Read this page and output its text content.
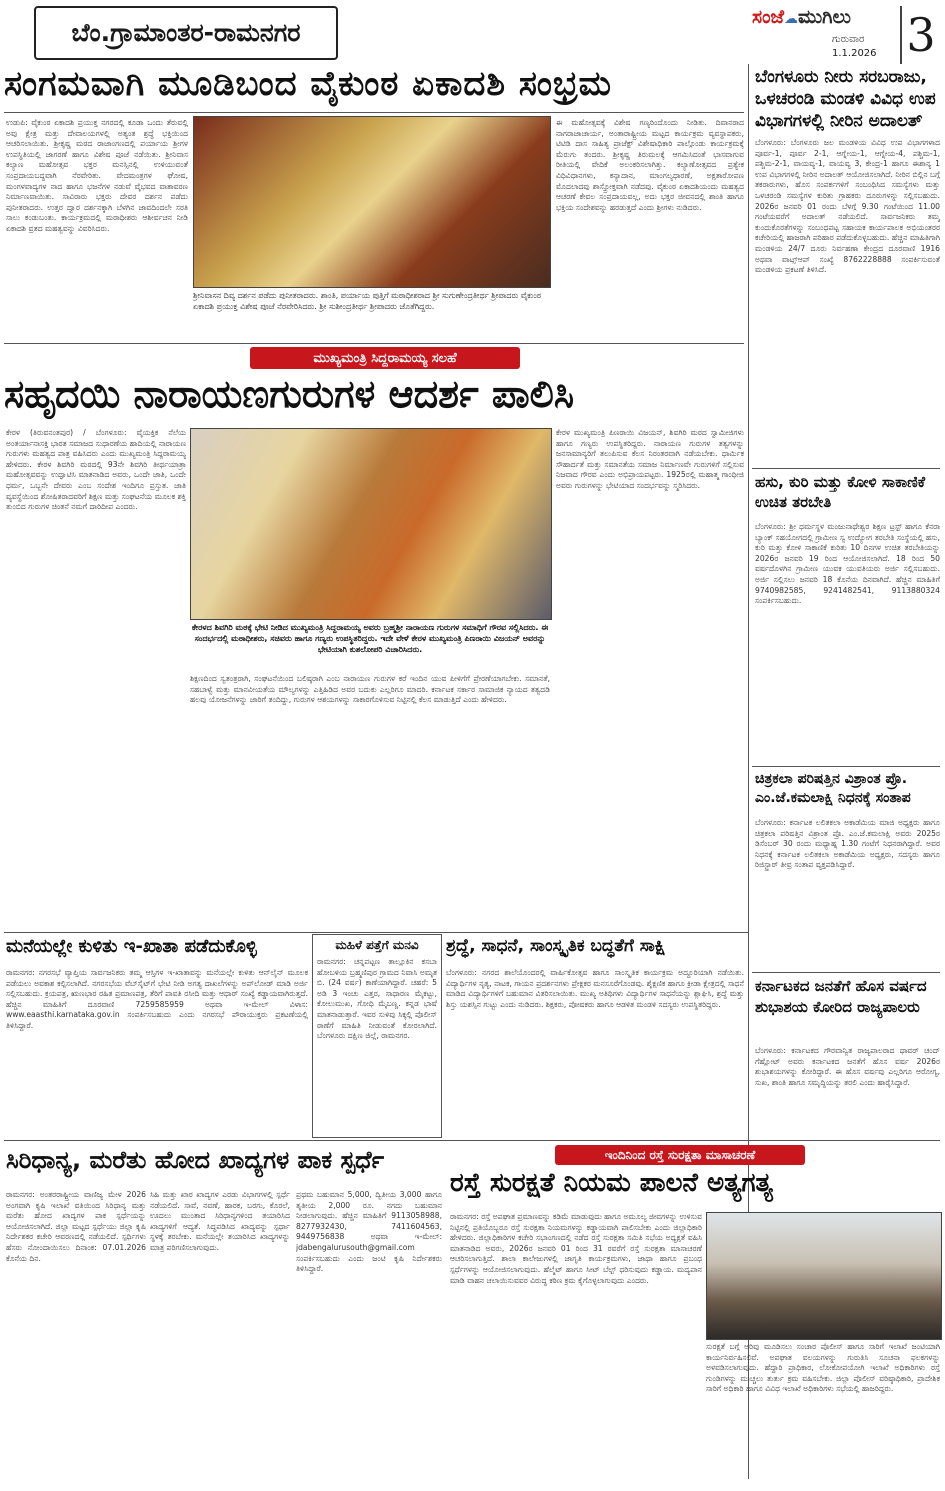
ಬೆಂ.ಗ್ರಾಮಾಂತರ-ರಾಮನಗರ
ಸಂಜೆ☁ಮುಗಿಲು
ಗುರುವಾರ
1.1.2026 3
ಸಂಗಮವಾಗಿ ಮೂಡಿಬಂದ ವೈಕುಂಠ ಏಕಾದಶಿ ಸಂಭ್ರಮ
ಉಡುಪಿ: ವೈಕುಂಠ ಏಕಾದಶಿ ಪ್ರಯುಕ್ತ ನಗರದಲ್ಲಿ ಕೂಡಾ ಒಂದು ತೆರುವಲ್ಲಿ ಅವು ಕ್ಷೇತ್ರ ಮತ್ತು ದೇವಾಲಯಗಳಲ್ಲಿ ಅತ್ಯಂತ ಶ್ರದ್ಧೆ ಭಕ್ತಿಯಿಂದ ಆಚರಿಸಲಾಯಿತು. ಶ್ರೀಕೃಷ್ಣ ಮಠದ ರಾಜಾಂಗಣದಲ್ಲಿ ಪರ್ಯಾಯ ಶ್ರೀಗಳ ಉಪಸ್ಥಿತಿಯಲ್ಲಿ ಜಾಗರಣೆ ಹಾಗೂ ವಿಶೇಷ ಪೂಜೆ ನಡೆಯಿತು. ಶ್ರೀನಿವಾಸ ಕಲ್ಯಾಣ ಮಹೋತ್ಸವ ಭಕ್ತರ ಮನಸ್ಸಿನಲ್ಲಿ ಉಳಿಯುವಂತೆ ಸಂಪ್ರದಾಯಬದ್ಧವಾಗಿ ನೆರವೇರಿತು. ವೇದಮಂತ್ರಗಳ ಘೋಷ, ಮಂಗಳವಾದ್ಯಗಳ ನಾದ ಹಾಗೂ ಭಜನೆಗಳ ನಡುವೆ ವೈಭವದ ವಾತಾವರಣ ನಿರ್ಮಾಣವಾಯಿತು. ಸಾವಿರಾರು ಭಕ್ತರು ದೇವರ ದರ್ಶನ ಪಡೆದು ಪುನೀತರಾದರು. ಉತ್ತರ ದ್ವಾರ ದರ್ಶನಕ್ಕಾಗಿ ಬೆಳಗಿನ ಜಾವದಿಂದಲೇ ಸರತಿ ಸಾಲು ಕಂಡುಬಂತು. ಕಾರ್ಯಕ್ರಮದಲ್ಲಿ ಮಠಾಧೀಶರು ಆಶೀರ್ವಚನ ನೀಡಿ ಏಕಾದಶಿ ವ್ರತದ ಮಹತ್ವವನ್ನು ವಿವರಿಸಿದರು.
ಶ್ರೀನಿವಾಸನ ದಿವ್ಯ ದರ್ಶನ ಪಡೆದು ಪುನೀತರಾದರು. ಶಾಂತಿ, ಪರ್ಯಾಯ ಪುತ್ತಿಗೆ ಮಠಾಧೀಶರಾದ ಶ್ರೀ ಸುಗುಣೇಂದ್ರತೀರ್ಥ ಶ್ರೀಪಾದರು ವೈಕುಂಠ ಏಕಾದಶಿ ಪ್ರಯುಕ್ತ ವಿಶೇಷ ಪೂಜೆ ನೆರವೇರಿಸಿದರು. ಶ್ರೀ ಸುಶೀಂದ್ರತೀರ್ಥ ಶ್ರೀಪಾದರು ಜೊತೆಗಿದ್ದರು.
ಈ ಮಹೋತ್ಸವಕ್ಕೆ ವಿಶೇಷ ಗಣ್ಯರಿಂದೊಂದು ನೀಡಿತು. ದಿವಾನರಾದ ನಾಗರಾಜಾಚಾರ್ಯ, ಅಂತಾರಾಷ್ಟ್ರೀಯ ಮಟ್ಟದ ಕಾರ್ಯಕ್ರಮ ವ್ಯವಸ್ಥಾಪಕರು, ಟಿಟಿಡಿ ದಾಸ ಸಾಹಿತ್ಯ ಪ್ರಾಜೆಕ್ಟ್ ವಿಶೇಷಾಧಿಕಾರಿ ಪಾಲ್ಗೊಂಡು ಕಾರ್ಯಕ್ರಮಕ್ಕೆ ಮೆರುಗು ತಂದರು. ಶ್ರೀಕೃಷ್ಣ ತಿರುಮಲಕ್ಕೆ ಆಗಮಿಸಿದಂತೆ ಭಾಸವಾಗುವ ರೀತಿಯಲ್ಲಿ ವೇದಿಕೆ ಅಲಂಕರಿಸಲಾಗಿತ್ತು. ಕಲ್ಯಾಣೋತ್ಸವದ ಪ್ರತ್ಯೇಕ ವಿಧಿವಿಧಾನಗಳು, ಕನ್ಯಾದಾನ, ಮಾಂಗಲ್ಯಧಾರಣೆ, ಅಕ್ಷತಾರೋಪಣ ಮೊದಲಾದವು ಶಾಸ್ತ್ರೋಕ್ತವಾಗಿ ನಡೆದವು. ವೈಕುಂಠ ಏಕಾದಶಿಯಂದು ಮಹತ್ವದ ಆಚರಣೆ ಕೇವಲ ಸಂಪ್ರದಾಯವಲ್ಲ, ಅದು ಭಕ್ತರ ಜೀವನದಲ್ಲಿ ಶಾಂತಿ ಹಾಗೂ ಭಕ್ತಿಯ ಸಂದೇಶವನ್ನು ಹರಡುತ್ತದೆ ಎಂದು ಶ್ರೀಗಳು ನುಡಿದರು.
ಬೆಂಗಳೂರು ನೀರು ಸರಬರಾಜು, ಒಳಚರಂಡಿ ಮಂಡಳಿ ವಿವಿಧ ಉಪ ವಿಭಾಗಗಳಲ್ಲಿ ನೀರಿನ ಅದಾಲತ್
ಬೆಂಗಳೂರು: ಬೆಂಗಳೂರು ಜಲ ಮಂಡಳಿಯ ವಿವಿಧ ಉಪ ವಿಭಾಗಗಳಾದ ಪೂರ್ವ-1, ಪೂರ್ವ 2-1, ಆಗ್ನೇಯ-1, ಆಗ್ನೇಯ-4, ಪಶ್ಚಿಮ-1, ಪಶ್ಚಿಮ-2-1, ವಾಯವ್ಯ-1, ವಾಯವ್ಯ 3, ಕೇಂದ್ರ-1 ಹಾಗೂ ಈಶಾನ್ಯ 1 ಉಪ ವಿಭಾಗಗಳಲ್ಲಿ ನೀರಿನ ಅದಾಲತ್ ಆಯೋಜಿಸಲಾಗಿದೆ. ನೀರಿನ ಬಿಲ್ಲಿನ ಬಗ್ಗೆ ತಕರಾರುಗಳು, ಹೊಸ ಸಂಪರ್ಕಗಳಿಗೆ ಸಂಬಂಧಿಸಿದ ಸಮಸ್ಯೆಗಳು ಮತ್ತು ಒಳಚರಂಡಿ ಸಮಸ್ಯೆಗಳ ಕುರಿತು ಗ್ರಾಹಕರು ದೂರುಗಳನ್ನು ಸಲ್ಲಿಸಬಹುದು. 2026ರ ಜನವರಿ 01 ರಂದು ಬೆಳಗ್ಗೆ 9.30 ಗಂಟೆಯಿಂದ 11.00 ಗಂಟೆಯವರೆಗೆ ಅದಾಲತ್ ನಡೆಯಲಿದೆ. ಸಾರ್ವಜನಿಕರು ತಮ್ಮ ಕುಂದುಕೊರತೆಗಳನ್ನು ಸಂಬಂಧಪಟ್ಟ ಸಹಾಯಕ ಕಾರ್ಯಪಾಲಕ ಅಭಿಯಂತರರ ಕಚೇರಿಯಲ್ಲಿ ಹಾಜರಾಗಿ ಪರಿಹಾರ ಪಡೆದುಕೊಳ್ಳಬಹುದು. ಹೆಚ್ಚಿನ ಮಾಹಿತಿಗಾಗಿ ಮಂಡಳಿಯ 24/7 ದೂರು ನಿರ್ವಹಣಾ ಕೇಂದ್ರದ ದೂರವಾಣಿ 1916 ಅಥವಾ ವಾಟ್ಸ್ಆಪ್ ಸಂಖ್ಯೆ 8762228888 ಸಂಪರ್ಕಿಸುವಂತೆ ಮಂಡಳಿಯ ಪ್ರಕಟಣೆ ತಿಳಿಸಿದೆ.
ಮುಖ್ಯಮಂತ್ರಿ ಸಿದ್ದರಾಮಯ್ಯ ಸಲಹೆ
ಸಹೃದಯಿ ನಾರಾಯಣಗುರುಗಳ ಆದರ್ಶ ಪಾಲಿಸಿ
ಕೇರಳ (ತಿರುವನಂತಪುರ) / ಬೆಂಗಳೂರು: ವೈಯಕ್ತಿಕ ನೆಲೆಯ ಅಂತರ್ಯಾನಾಸಕ್ತಿ ಭಾರತ ಸಮಾಜದ ಸುಧಾರಣೆಯ ಹಾದಿಯಲ್ಲಿ ನಾರಾಯಣ ಗುರುಗಳು ಮಹತ್ವದ ಪಾತ್ರ ವಹಿಸಿದರು ಎಂದು ಮುಖ್ಯಮಂತ್ರಿ ಸಿದ್ದರಾಮಯ್ಯ ಹೇಳಿದರು. ಕೇರಳ ಶಿವಗಿರಿ ಮಠದಲ್ಲಿ 93ನೇ ಶಿವಗಿರಿ ತೀರ್ಥಯಾತ್ರಾ ಮಹೋತ್ಸವವನ್ನು ಉದ್ಘಾಟಿಸಿ ಮಾತನಾಡಿದ ಅವರು, ಒಂದೇ ಜಾತಿ, ಒಂದೇ ಧರ್ಮ, ಒಬ್ಬನೇ ದೇವರು ಎಂಬ ಸಂದೇಶ ಇಂದಿಗೂ ಪ್ರಸ್ತುತ. ಜಾತಿ ವ್ಯವಸ್ಥೆಯಿಂದ ಶೋಷಿತರಾದವರಿಗೆ ಶಿಕ್ಷಣ ಮತ್ತು ಸಂಘಟನೆಯ ಮೂಲಕ ಶಕ್ತಿ ತುಂಬಿದ ಗುರುಗಳ ಚಿಂತನೆ ನಮಗೆ ದಾರಿದೀಪ ಎಂದರು.
ಕೇರಳದ ಶಿವಗಿರಿ ಮಠಕ್ಕೆ ಭೇಟಿ ನೀಡಿದ ಮುಖ್ಯಮಂತ್ರಿ ಸಿದ್ದರಾಮಯ್ಯ ಅವರು ಬ್ರಹ್ಮಶ್ರೀ ನಾರಾಯಣ ಗುರುಗಳ ಸಮಾಧಿಗೆ ಗೌರವ ಸಲ್ಲಿಸಿದರು. ಈ ಸಂದರ್ಭದಲ್ಲಿ ಮಠಾಧೀಶರು, ಸಚಿವರು ಹಾಗೂ ಗಣ್ಯರು ಉಪಸ್ಥಿತರಿದ್ದರು. ಇದೇ ವೇಳೆ ಕೇರಳ ಮುಖ್ಯಮಂತ್ರಿ ಪಿಣರಾಯಿ ವಿಜಯನ್ ಅವರನ್ನು ಭೇಟಿಯಾಗಿ ಕುಶಲೋಪರಿ ವಿಚಾರಿಸಿದರು.
ಶಿಕ್ಷಣದಿಂದ ಸ್ವತಂತ್ರರಾಗಿ, ಸಂಘಟನೆಯಿಂದ ಬಲಿಷ್ಠರಾಗಿ ಎಂಬ ನಾರಾಯಣ ಗುರುಗಳ ಕರೆ ಇಂದಿನ ಯುವ ಪೀಳಿಗೆಗೆ ಪ್ರೇರಣೆಯಾಗಬೇಕು. ಸಮಾನತೆ, ಸಹಬಾಳ್ವೆ ಮತ್ತು ಮಾನವೀಯತೆಯ ಮೌಲ್ಯಗಳನ್ನು ಎತ್ತಿಹಿಡಿದ ಅವರ ಬದುಕು ಎಲ್ಲರಿಗೂ ಮಾದರಿ. ಕರ್ನಾಟಕ ಸರ್ಕಾರ ಸಾಮಾಜಿಕ ನ್ಯಾಯದ ತತ್ವದಡಿ ಹಲವು ಯೋಜನೆಗಳನ್ನು ಜಾರಿಗೆ ತಂದಿದ್ದು, ಗುರುಗಳ ಆಶಯಗಳನ್ನು ಸಾಕಾರಗೊಳಿಸುವ ನಿಟ್ಟಿನಲ್ಲಿ ಕೆಲಸ ಮಾಡುತ್ತಿದೆ ಎಂದು ಹೇಳಿದರು.
ಕೇರಳ ಮುಖ್ಯಮಂತ್ರಿ ಪಿಣರಾಯಿ ವಿಜಯನ್, ಶಿವಗಿರಿ ಮಠದ ಸ್ವಾಮೀಜಿಗಳು ಹಾಗೂ ಗಣ್ಯರು ಉಪಸ್ಥಿತರಿದ್ದರು. ನಾರಾಯಣ ಗುರುಗಳ ತತ್ವಗಳನ್ನು ಜನಸಾಮಾನ್ಯರಿಗೆ ತಲುಪಿಸುವ ಕೆಲಸ ನಿರಂತರವಾಗಿ ನಡೆಯಬೇಕು. ಧಾರ್ಮಿಕ ಸೌಹಾರ್ದತೆ ಮತ್ತು ಸಮಾನತೆಯ ಸಮಾಜ ನಿರ್ಮಾಣವೇ ಗುರುಗಳಿಗೆ ಸಲ್ಲಿಸುವ ನಿಜವಾದ ಗೌರವ ಎಂದು ಅಭಿಪ್ರಾಯಪಟ್ಟರು. 1925ರಲ್ಲಿ ಮಹಾತ್ಮ ಗಾಂಧೀಜಿ ಅವರು ಗುರುಗಳನ್ನು ಭೇಟಿಯಾದ ಸಂದರ್ಭವನ್ನು ಸ್ಮರಿಸಿದರು.	ಹಸು, ಕುರಿ ಮತ್ತು ಕೋಳಿ ಸಾಕಾಣಿಕೆ ಉಚಿತ ತರಬೇತಿ
ಬೆಂಗಳೂರು: ಶ್ರೀ ಧರ್ಮಸ್ಥಳ ಮಂಜುನಾಥೇಶ್ವರ ಶಿಕ್ಷಣ ಟ್ರಸ್ಟ್ ಹಾಗೂ ಕೆನರಾ ಬ್ಯಾಂಕ್ ಸಹಯೋಗದಲ್ಲಿ ಗ್ರಾಮೀಣ ಸ್ವ ಉದ್ಯೋಗ ತರಬೇತಿ ಸಂಸ್ಥೆಯಲ್ಲಿ ಹಸು, ಕುರಿ ಮತ್ತು ಕೋಳಿ ಸಾಕಾಣಿಕೆ ಕುರಿತು 10 ದಿನಗಳ ಉಚಿತ ತರಬೇತಿಯನ್ನು 2026ರ ಜನವರಿ 19 ರಿಂದ ಆಯೋಜಿಸಲಾಗಿದೆ. 18 ರಿಂದ 50 ವರ್ಷದೊಳಗಿನ ಗ್ರಾಮೀಣ ಯುವಕ ಯುವತಿಯರು ಅರ್ಜಿ ಸಲ್ಲಿಸಬಹುದು. ಅರ್ಜಿ ಸಲ್ಲಿಸಲು ಜನವರಿ 18 ಕೊನೆಯ ದಿನವಾಗಿದೆ. ಹೆಚ್ಚಿನ ಮಾಹಿತಿಗೆ 9740982585, 9241482541, 9113880324 ಸಂಪರ್ಕಿಸಬಹುದು.
ಚಿತ್ರಕಲಾ ಪರಿಷತ್ತಿನ ವಿಶ್ರಾಂತ ಪ್ರೊ. ಎಂ.ಜೆ.ಕಮಲಾಕ್ಷಿ ನಿಧನಕ್ಕೆ ಸಂತಾಪ
ಬೆಂಗಳೂರು: ಕರ್ನಾಟಕ ಲಲಿತಕಲಾ ಅಕಾಡೆಮಿಯ ಮಾಜಿ ಅಧ್ಯಕ್ಷರು ಹಾಗೂ ಚಿತ್ರಕಲಾ ಪರಿಷತ್ತಿನ ವಿಶ್ರಾಂತ ಪ್ರೊ. ಎಂ.ಜೆ.ಕಮಲಾಕ್ಷಿ ಅವರು 2025ರ ಡಿಸೆಂಬರ್ 30 ರಂದು ಮಧ್ಯಾಹ್ನ 1.30 ಗಂಟೆಗೆ ನಿಧನರಾಗಿದ್ದಾರೆ. ಅವರ ನಿಧನಕ್ಕೆ ಕರ್ನಾಟಕ ಲಲಿತಕಲಾ ಅಕಾಡೆಮಿಯ ಅಧ್ಯಕ್ಷರು, ಸದಸ್ಯರು ಹಾಗೂ ರಿಜಿಸ್ಟ್ರಾರ್ ತೀವ್ರ ಸಂತಾಪ ವ್ಯಕ್ತಪಡಿಸಿದ್ದಾರೆ.
ಕರ್ನಾಟಕದ ಜನತೆಗೆ ಹೊಸ ವರ್ಷದ ಶುಭಾಶಯ ಕೋರಿದ ರಾಜ್ಯಪಾಲರು
ಬೆಂಗಳೂರು: ಕರ್ನಾಟಕದ ಗೌರವಾನ್ವಿತ ರಾಜ್ಯಪಾಲರಾದ ಥಾವರ್ ಚಂದ್ ಗೆಹ್ಲೋಟ್ ಅವರು ಕರ್ನಾಟಕದ ಜನತೆಗೆ ಹೊಸ ವರ್ಷ 2026ರ ಶುಭಾಶಯಗಳನ್ನು ಕೋರಿದ್ದಾರೆ. ಈ ಹೊಸ ವರ್ಷವು ಎಲ್ಲರಿಗೂ ಆರೋಗ್ಯ, ಸುಖ, ಶಾಂತಿ ಹಾಗೂ ಸಮೃದ್ಧಿಯನ್ನು ತರಲಿ ಎಂದು ಹಾರೈಸಿದ್ದಾರೆ.
ಮನೆಯಲ್ಲೇ ಕುಳಿತು ಇ-ಖಾತಾ ಪಡೆದುಕೊಳ್ಳಿ
ರಾಮನಗರ: ನಗರಸಭೆ ವ್ಯಾಪ್ತಿಯ ಸಾರ್ವಜನಿಕರು ತಮ್ಮ ಆಸ್ತಿಗಳ ಇ-ಖಾತಾವನ್ನು ಮನೆಯಲ್ಲೇ ಕುಳಿತು ಆನ್‌ಲೈನ್ ಮೂಲಕ ಪಡೆಯಲು ಅವಕಾಶ ಕಲ್ಪಿಸಲಾಗಿದೆ. ನಗರಸಭೆಯ ವೆಬ್‌ಸೈಟ್‌ಗೆ ಭೇಟಿ ನೀಡಿ ಅಗತ್ಯ ದಾಖಲೆಗಳನ್ನು ಅಪ್‌ಲೋಡ್ ಮಾಡಿ ಅರ್ಜಿ ಸಲ್ಲಿಸಬಹುದು. ಕ್ರಯಪತ್ರ, ಋಣಭಾರ ರಹಿತ ಪ್ರಮಾಣಪತ್ರ, ತೆರಿಗೆ ಪಾವತಿ ರಸೀದಿ ಮತ್ತು ಆಧಾರ್ ಸಂಖ್ಯೆ ಕಡ್ಡಾಯವಾಗಿರುತ್ತದೆ. ಹೆಚ್ಚಿನ ಮಾಹಿತಿಗೆ ದೂರವಾಣಿ 7259585959 ಅಥವಾ ಇ-ಮೇಲ್ ವಿಳಾಸ: www.eaasthi.karnataka.gov.in ಸಂಪರ್ಕಿಸಬಹುದು ಎಂದು ನಗರಸಭೆ ಪೌರಾಯುಕ್ತರು ಪ್ರಕಟಣೆಯಲ್ಲಿ ತಿಳಿಸಿದ್ದಾರೆ.
ಮಹಿಳೆ ಪತ್ತೆಗೆ ಮನವಿ
ರಾಮನಗರ: ಚನ್ನಪಟ್ಟಣ ತಾಲ್ಲೂಕಿನ ಕಸಬಾ ಹೋಬಳಿಯ ಬ್ರಹ್ಮಣಿಪುರ ಗ್ರಾಮದ ನಿವಾಸಿ ಅಮೃತ ಬಿ. (24 ವರ್ಷ) ಕಾಣೆಯಾಗಿದ್ದಾರೆ. ಚಹರೆ: 5 ಅಡಿ 3 ಇಂಚು ಎತ್ತರ, ಸಾಧಾರಣ ಮೈಕಟ್ಟು, ಕೋಲುಮುಖ, ಗೋಧಿ ಮೈಬಣ್ಣ. ಕನ್ನಡ ಭಾಷೆ ಮಾತನಾಡುತ್ತಾರೆ. ಇವರ ಸುಳಿವು ಸಿಕ್ಕಲ್ಲಿ ಪೊಲೀಸ್ ಠಾಣೆಗೆ ಮಾಹಿತಿ ನೀಡುವಂತೆ ಕೋರಲಾಗಿದೆ. ಬೆಂಗಳೂರು ದಕ್ಷಿಣ ಜಿಲ್ಲೆ, ರಾಮನಗರ.
ಶ್ರದ್ಧೆ, ಸಾಧನೆ, ಸಾಂಸ್ಕೃತಿಕ ಬದ್ಧತೆಗೆ ಸಾಕ್ಷಿ
ಬೆಂಗಳೂರು: ನಗರದ ಶಾಲೆಯೊಂದರಲ್ಲಿ ವಾರ್ಷಿಕೋತ್ಸವ ಹಾಗೂ ಸಾಂಸ್ಕೃತಿಕ ಕಾರ್ಯಕ್ರಮ ಅದ್ದೂರಿಯಾಗಿ ನಡೆಯಿತು. ವಿದ್ಯಾರ್ಥಿಗಳ ನೃತ್ಯ, ನಾಟಕ, ಗಾಯನ ಪ್ರದರ್ಶನಗಳು ಪ್ರೇಕ್ಷಕರ ಮನಸೂರೆಗೊಂಡವು. ಶೈಕ್ಷಣಿಕ ಹಾಗೂ ಕ್ರೀಡಾ ಕ್ಷೇತ್ರದಲ್ಲಿ ಸಾಧನೆ ಮಾಡಿದ ವಿದ್ಯಾರ್ಥಿಗಳಿಗೆ ಬಹುಮಾನ ವಿತರಿಸಲಾಯಿತು. ಮುಖ್ಯ ಅತಿಥಿಗಳು ವಿದ್ಯಾರ್ಥಿಗಳ ಸಾಧನೆಯನ್ನು ಶ್ಲಾಘಿಸಿ, ಶ್ರದ್ಧೆ ಮತ್ತು ಶಿಸ್ತು ಯಶಸ್ಸಿನ ಗುಟ್ಟು ಎಂದು ನುಡಿದರು. ಶಿಕ್ಷಕರು, ಪೋಷಕರು ಹಾಗೂ ಆಡಳಿತ ಮಂಡಳಿ ಸದಸ್ಯರು ಉಪಸ್ಥಿತರಿದ್ದರು.
ಸಿರಿಧಾನ್ಯ, ಮರೆತು ಹೋದ ಖಾದ್ಯಗಳ ಪಾಕ ಸ್ಪರ್ಧೆ
ರಾಮನಗರ: ಅಂತರರಾಷ್ಟ್ರೀಯ ವಾಣಿಜ್ಯ ಮೇಳ 2026 ಅಂಗವಾಗಿ ಕೃಷಿ ಇಲಾಖೆ ವತಿಯಿಂದ ಸಿರಿಧಾನ್ಯ ಮತ್ತು ಮರೆತು ಹೋದ ಖಾದ್ಯಗಳ ಪಾಕ ಸ್ಪರ್ಧೆಯನ್ನು ಆಯೋಜಿಸಲಾಗಿದೆ. ಜಿಲ್ಲಾ ಮಟ್ಟದ ಸ್ಪರ್ಧೆಯು ಜಿಲ್ಲಾ ಕೃಷಿ ನಿರ್ದೇಶಕರ ಕಚೇರಿ ಆವರಣದಲ್ಲಿ ನಡೆಯಲಿದೆ. ಸ್ಪರ್ಧಿಗಳು ಹೆಸರು ನೋಂದಾಯಿಸಲು ದಿನಾಂಕ: 07.01.2026 ಕೊನೆಯ ದಿನ.
ಸಿಹಿ ಮತ್ತು ಖಾರ ಖಾದ್ಯಗಳ ಎರಡು ವಿಭಾಗಗಳಲ್ಲಿ ಸ್ಪರ್ಧೆ ನಡೆಯಲಿದೆ. ಸಾವೆ, ನವಣೆ, ಹಾರಕ, ಬರಗು, ಕೊರಲೆ, ಊದಲು ಮುಂತಾದ ಸಿರಿಧಾನ್ಯಗಳಿಂದ ತಯಾರಿಸಿದ ಖಾದ್ಯಗಳಿಗೆ ಆದ್ಯತೆ. ಸಿದ್ಧಪಡಿಸಿದ ಖಾದ್ಯವನ್ನು ಸ್ಪರ್ಧಾ ಸ್ಥಳಕ್ಕೆ ತರಬೇಕು. ಮನೆಯಲ್ಲೇ ತಯಾರಿಸಿದ ಖಾದ್ಯಗಳನ್ನು ಮಾತ್ರ ಪರಿಗಣಿಸಲಾಗುವುದು.
ಪ್ರಥಮ ಬಹುಮಾನ 5,000, ದ್ವಿತೀಯ 3,000 ಹಾಗೂ ತೃತೀಯ 2,000 ರೂ. ನಗದು ಬಹುಮಾನ ನೀಡಲಾಗುವುದು. ಹೆಚ್ಚಿನ ಮಾಹಿತಿಗೆ 9113058988, 8277932430, 7411604563, 9449756838 ಅಥವಾ ಇ-ಮೇಲ್: jdabengalurusouth@gmail.com ಸಂಪರ್ಕಿಸಬಹುದು ಎಂದು ಜಂಟಿ ಕೃಷಿ ನಿರ್ದೇಶಕರು ತಿಳಿಸಿದ್ದಾರೆ.
ಇಂದಿನಿಂದ ರಸ್ತೆ ಸುರಕ್ಷತಾ ಮಾಸಾಚರಣೆ
ರಸ್ತೆ ಸುರಕ್ಷತೆ ನಿಯಮ ಪಾಲನೆ ಅತ್ಯಗತ್ಯ
ರಾಮನಗರ: ರಸ್ತೆ ಅಪಘಾತ ಪ್ರಮಾಣವನ್ನು ಕಡಿಮೆ ಮಾಡುವುದು ಹಾಗೂ ಅಮೂಲ್ಯ ಜೀವಗಳನ್ನು ಉಳಿಸುವ ನಿಟ್ಟಿನಲ್ಲಿ ಪ್ರತಿಯೊಬ್ಬರೂ ರಸ್ತೆ ಸುರಕ್ಷತಾ ನಿಯಮಗಳನ್ನು ಕಡ್ಡಾಯವಾಗಿ ಪಾಲಿಸಬೇಕು ಎಂದು ಜಿಲ್ಲಾಧಿಕಾರಿ ಹೇಳಿದರು. ಜಿಲ್ಲಾಧಿಕಾರಿಗಳ ಕಚೇರಿ ಸಭಾಂಗಣದಲ್ಲಿ ನಡೆದ ರಸ್ತೆ ಸುರಕ್ಷತಾ ಸಮಿತಿ ಸಭೆಯ ಅಧ್ಯಕ್ಷತೆ ವಹಿಸಿ ಮಾತನಾಡಿದ ಅವರು, 2026ರ ಜನವರಿ 01 ರಿಂದ 31 ರವರೆಗೆ ರಸ್ತೆ ಸುರಕ್ಷತಾ ಮಾಸಾಚರಣೆ ಆಚರಿಸಲಾಗುತ್ತಿದೆ. ಶಾಲಾ ಕಾಲೇಜುಗಳಲ್ಲಿ ಜಾಗೃತಿ ಕಾರ್ಯಕ್ರಮಗಳು, ಜಾಥಾ ಹಾಗೂ ಪ್ರಬಂಧ ಸ್ಪರ್ಧೆಗಳನ್ನು ಆಯೋಜಿಸಲಾಗುವುದು. ಹೆಲ್ಮೆಟ್ ಹಾಗೂ ಸೀಟ್ ಬೆಲ್ಟ್ ಧರಿಸುವುದು ಕಡ್ಡಾಯ. ಮದ್ಯಪಾನ ಮಾಡಿ ವಾಹನ ಚಲಾಯಿಸುವವರ ವಿರುದ್ಧ ಕಠಿಣ ಕ್ರಮ ಕೈಗೊಳ್ಳಲಾಗುವುದು ಎಂದರು.
ಸುರಕ್ಷತೆ ಬಗ್ಗೆ ಅರಿವು ಮೂಡಿಸಲು ಸಂಚಾರ ಪೊಲೀಸ್ ಹಾಗೂ ಸಾರಿಗೆ ಇಲಾಖೆ ಜಂಟಿಯಾಗಿ ಕಾರ್ಯನಿರ್ವಹಿಸಲಿವೆ. ಅಪಘಾತ ವಲಯಗಳನ್ನು ಗುರುತಿಸಿ ಸೂಚನಾ ಫಲಕಗಳನ್ನು ಅಳವಡಿಸಲಾಗುವುದು. ಹೆದ್ದಾರಿ ಪ್ರಾಧಿಕಾರ, ಲೋಕೋಪಯೋಗಿ ಇಲಾಖೆ ಅಧಿಕಾರಿಗಳು ರಸ್ತೆ ಗುಂಡಿಗಳನ್ನು ಮುಚ್ಚಲು ತುರ್ತು ಕ್ರಮ ವಹಿಸಬೇಕು. ಜಿಲ್ಲಾ ಪೊಲೀಸ್ ವರಿಷ್ಠಾಧಿಕಾರಿ, ಪ್ರಾದೇಶಿಕ ಸಾರಿಗೆ ಅಧಿಕಾರಿ ಹಾಗೂ ವಿವಿಧ ಇಲಾಖೆ ಅಧಿಕಾರಿಗಳು ಸಭೆಯಲ್ಲಿ ಹಾಜರಿದ್ದರು.
